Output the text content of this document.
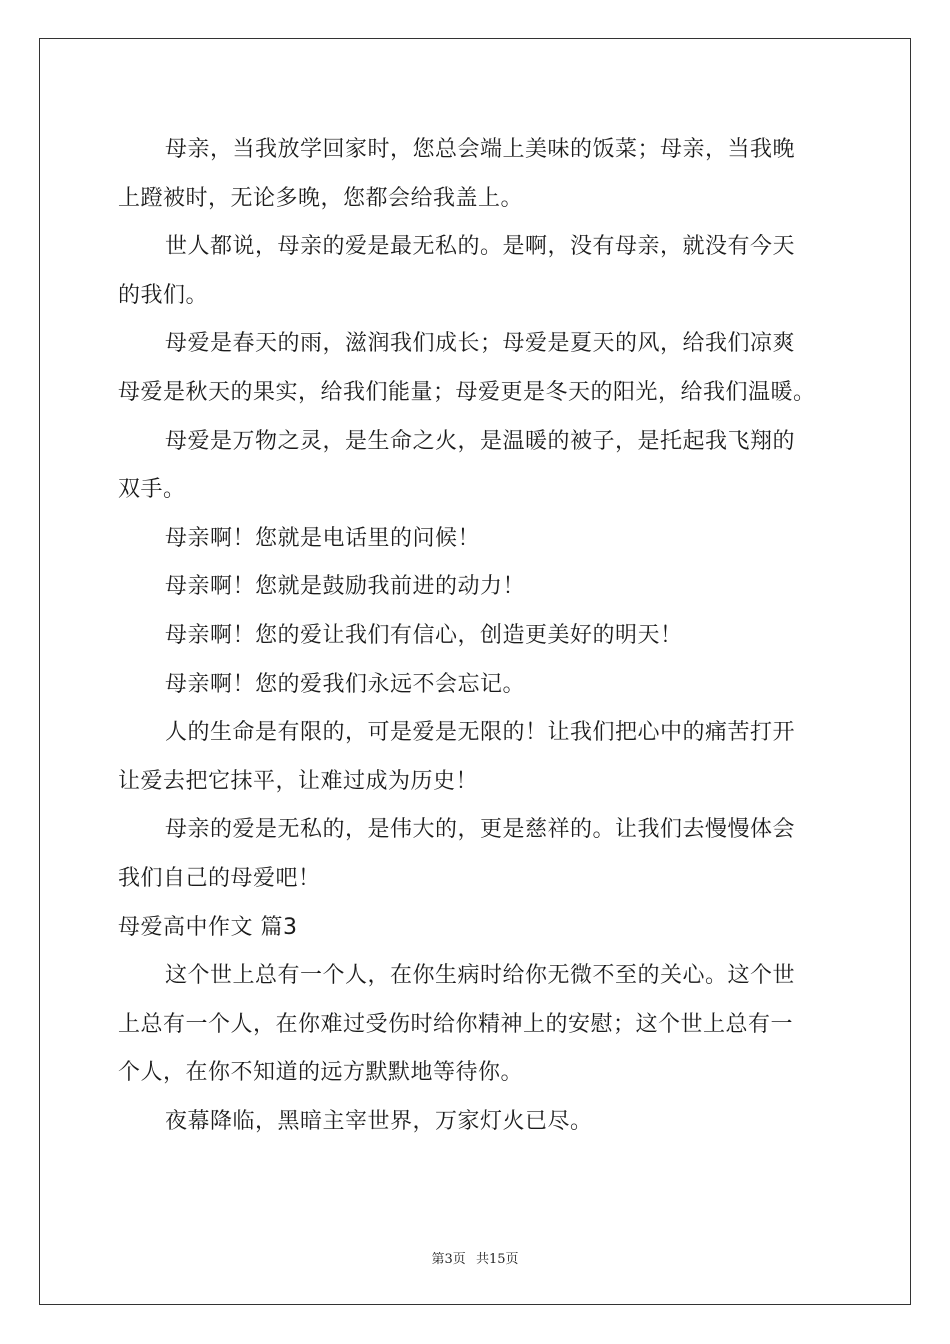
母亲，当我放学回家时，您总会端上美味的饭菜；母亲，当我晚
上蹬被时，无论多晚，您都会给我盖上。
世人都说，母亲的爱是最无私的。是啊，没有母亲，就没有今天
的我们。
母爱是春天的雨，滋润我们成长；母爱是夏天的风，给我们凉爽
母爱是秋天的果实，给我们能量；母爱更是冬天的阳光，给我们温暖。
母爱是万物之灵，是生命之火，是温暖的被子，是托起我飞翔的
双手。
母亲啊！您就是电话里的问候！
母亲啊！您就是鼓励我前进的动力！
母亲啊！您的爱让我们有信心，创造更美好的明天！
母亲啊！您的爱我们永远不会忘记。
人的生命是有限的，可是爱是无限的！让我们把心中的痛苦打开
让爱去把它抹平，让难过成为历史！
母亲的爱是无私的，是伟大的，更是慈祥的。让我们去慢慢体会
我们自己的母爱吧！
母爱高中作文 篇3
这个世上总有一个人，在你生病时给你无微不至的关心。这个世
上总有一个人，在你难过受伤时给你精神上的安慰；这个世上总有一
个人，在你不知道的远方默默地等待你。
夜幕降临，黑暗主宰世界，万家灯火已尽。
第3页 共15页
